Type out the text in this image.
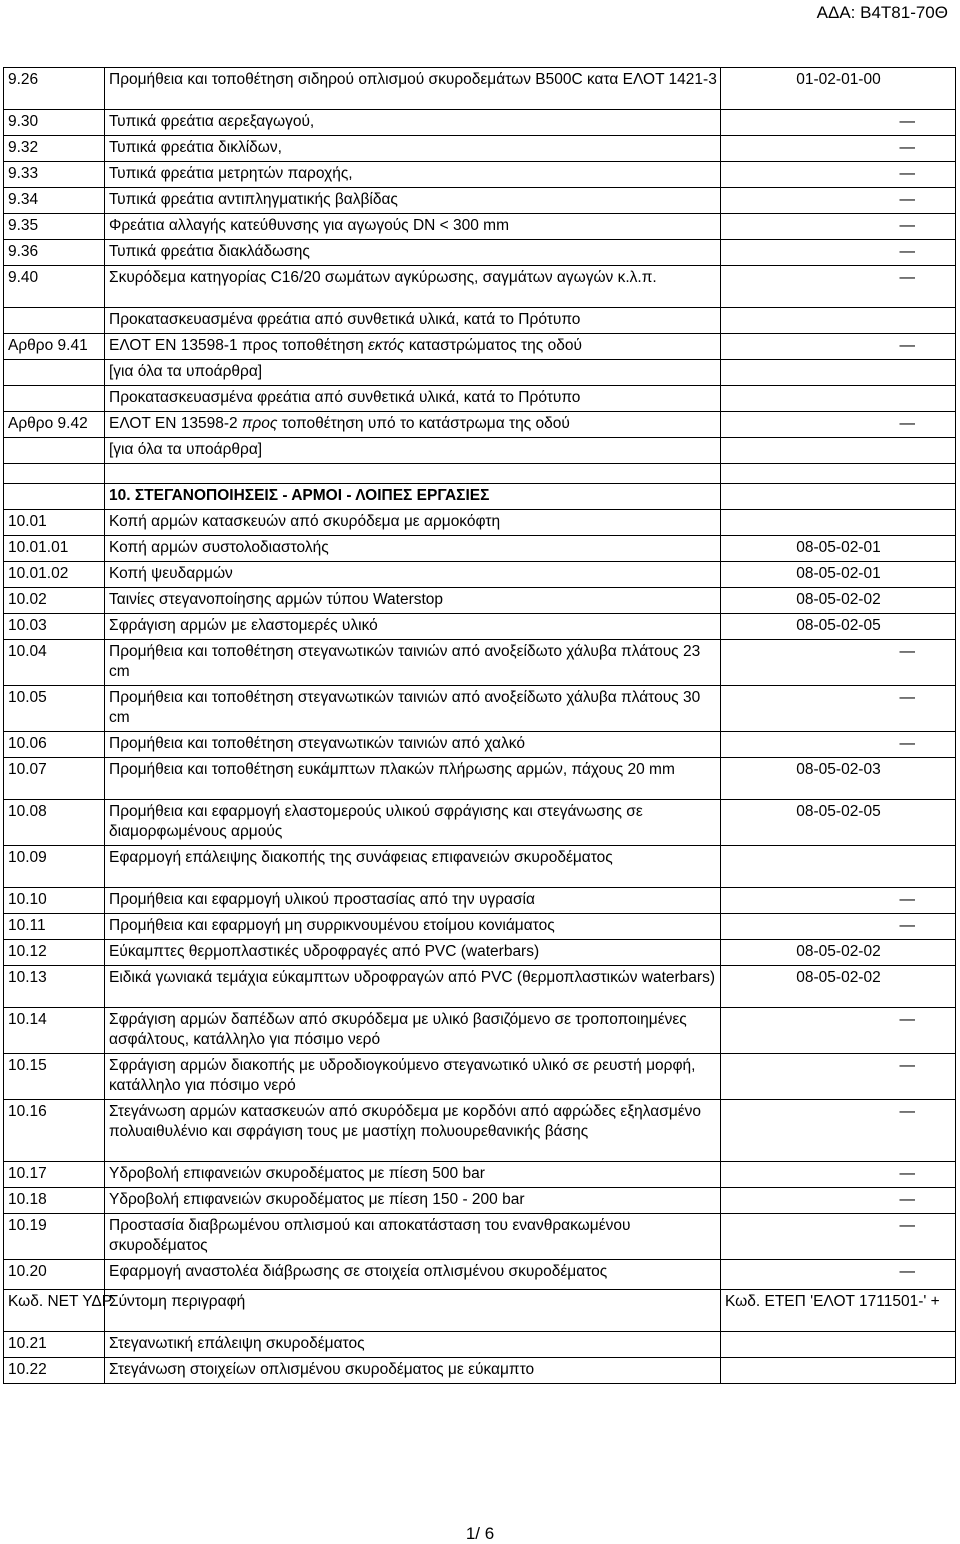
ΑΔΑ: Β4Τ81-70Θ
9.26	Προμήθεια και τοποθέτηση σιδηρού οπλισμού σκυροδεμάτων Β500C κατα ΕΛΟΤ 1421-3	01-02-01-00
9.30	Τυπικά φρεάτια αερεξαγωγού,	—
9.32	Τυπικά φρεάτια δικλίδων,	—
9.33	Τυπικά φρεάτια μετρητών παροχής,	—
9.34	Τυπικά φρεάτια αντιπληγματικής βαλβίδας	—
9.35	Φρεάτια αλλαγής κατεύθυνσης για αγωγούς DN < 300 mm	—
9.36	Τυπικά φρεάτια διακλάδωσης	—
9.40	Σκυρόδεμα κατηγορίας C16/20 σωμάτων αγκύρωσης, σαγμάτων αγωγών κ.λ.π.	—
	Προκατασκευασμένα φρεάτια από συνθετικά υλικά, κατά το Πρότυπο	
Αρθρο 9.41	ΕΛΟΤ ΕΝ 13598-1 προς τοποθέτηση εκτός καταστρώματος της οδού	—
	[για όλα τα υποάρθρα]	
	Προκατασκευασμένα φρεάτια από συνθετικά υλικά, κατά το Πρότυπο	
Αρθρο 9.42	ΕΛΟΤ ΕΝ 13598-2 προς τοποθέτηση υπό το κατάστρωμα της οδού	—
	[για όλα τα υποάρθρα]	

	10. ΣΤΕΓΑΝΟΠΟΙΗΣΕΙΣ - ΑΡΜΟΙ - ΛΟΙΠΕΣ ΕΡΓΑΣΙΕΣ	
10.01	Κοπή αρμών κατασκευών από σκυρόδεμα με αρμοκόφτη	
10.01.01	Κοπή αρμών συστολοδιαστολής	08-05-02-01
10.01.02	Κοπή ψευδαρμών	08-05-02-01
10.02	Ταινίες στεγανοποίησης αρμών τύπου Waterstop	08-05-02-02
10.03	Σφράγιση αρμών με ελαστομερές υλικό	08-05-02-05
10.04	Προμήθεια και τοποθέτηση στεγανωτικών ταινιών από ανοξείδωτο χάλυβα πλάτους 23 cm	—
10.05	Προμήθεια και τοποθέτηση στεγανωτικών ταινιών από ανοξείδωτο χάλυβα πλάτους 30 cm	—
10.06	Προμήθεια και τοποθέτηση στεγανωτικών ταινιών από χαλκό	—
10.07	Προμήθεια και τοποθέτηση ευκάμπτων πλακών πλήρωσης αρμών, πάχους 20 mm	08-05-02-03
10.08	Προμήθεια και εφαρμογή ελαστομερούς υλικού σφράγισης και στεγάνωσης σε διαμορφωμένους αρμούς	08-05-02-05
10.09	Εφαρμογή επάλειψης διακοπής της συνάφειας επιφανειών σκυροδέματος	
10.10	Προμήθεια και εφαρμογή υλικού προστασίας από την υγρασία	—
10.11	Προμήθεια και εφαρμογή μη συρρικνουμένου ετοίμου κονιάματος	—
10.12	Εύκαμπτες θερμοπλαστικές υδροφραγές από PVC (waterbars)	08-05-02-02
10.13	Ειδικά γωνιακά τεμάχια εύκαμπτων υδροφραγών από PVC (θερμοπλαστικών waterbars)	08-05-02-02
10.14	Σφράγιση αρμών δαπέδων από σκυρόδεμα με υλικό βασιζόμενο σε τροποποιημένες ασφάλτους, κατάλληλο για πόσιμο νερό	—
10.15	Σφράγιση αρμών διακοπής με υδροδιογκούμενο στεγανωτικό υλικό σε ρευστή μορφή, κατάλληλο για πόσιμο νερό	—
10.16	Στεγάνωση αρμών κατασκευών από σκυρόδεμα με κορδόνι από αφρώδες εξηλασμένο πολυαιθυλένιο και σφράγιση τους με μαστίχη πολυουρεθανικής βάσης	—
10.17	Υδροβολή επιφανειών σκυροδέματος με πίεση 500 bar	—
10.18	Υδροβολή επιφανειών σκυροδέματος με πίεση 150 - 200 bar	—
10.19	Προστασία διαβρωμένου οπλισμού και αποκατάσταση του ενανθρακωμένου σκυροδέματος	—
10.20	Εφαρμογή αναστολέα διάβρωσης σε στοιχεία οπλισμένου σκυροδέματος	—
Κωδ. ΝΕΤ ΥΔΡ	Σύντομη περιγραφή	Κωδ. ΕΤΕΠ 'ΕΛΟΤ 1711501-' +
10.21	Στεγανωτική επάλειψη σκυροδέματος	
10.22	Στεγάνωση στοιχείων οπλισμένου σκυροδέματος με εύκαμπτο	
1/ 6
